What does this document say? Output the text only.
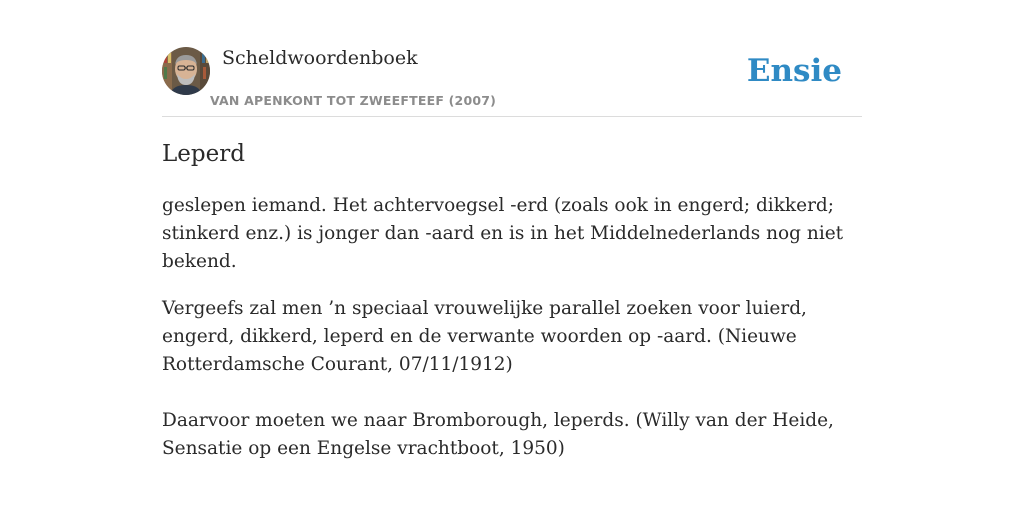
Scheldwoordenboek
VAN APENKONT TOT ZWEEFTEEF (2007)
Ensie
Leperd

geslepen iemand. Het achtervoegsel -erd (zoals ook in engerd; dikkerd; stinkerd enz.) is jonger dan -aard en is in het Middelnederlands nog niet bekend.

Vergeefs zal men ’n speciaal vrouwelijke parallel zoeken voor luierd, engerd, dikkerd, leperd en de verwante woorden op -aard. (Nieuwe Rotterdamsche Courant, 07/11/1912)

Daarvoor moeten we naar Bromborough, leperds. (Willy van der Heide, Sensatie op een Engelse vrachtboot, 1950)
